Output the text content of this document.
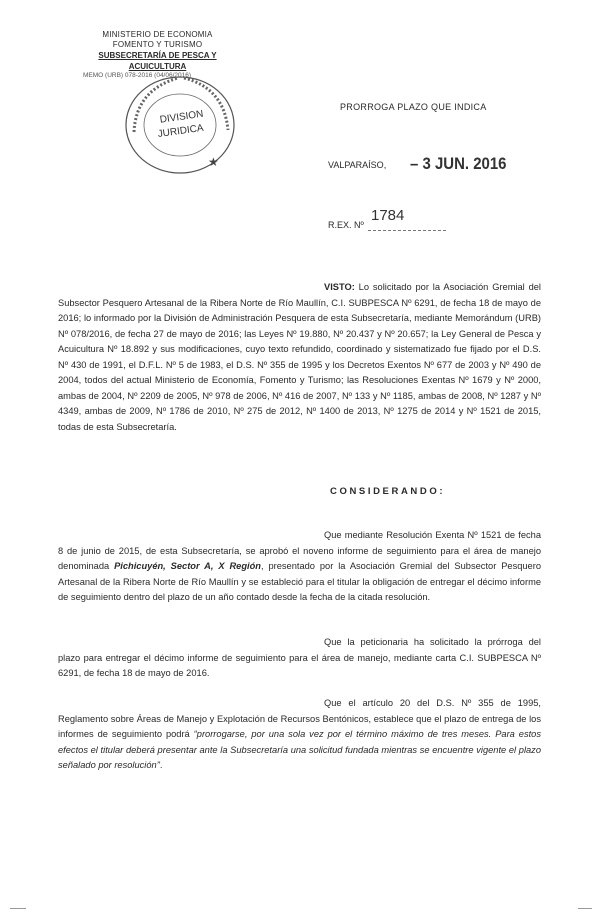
MINISTERIO DE ECONOMIA
FOMENTO Y TURISMO
SUBSECRETARÍA DE PESCA Y ACUICULTURA
MEMO (URB) 078-2016 (04/06/2016)
★
DIVISION
JURIDICA
PRORROGA PLAZO QUE INDICA
VALPARAÍSO, – 3 JUN. 2016
R.EX. Nº
1784
VISTO: Lo solicitado por la Asociación Gremial del Subsector Pesquero Artesanal de la Ribera Norte de Río Maullín, C.I. SUBPESCA Nº 6291, de fecha 18 de mayo de 2016; lo informado por la División de Administración Pesquera de esta Subsecretaría, mediante Memorándum (URB) Nº 078/2016, de fecha 27 de mayo de 2016; las Leyes Nº 19.880, Nº 20.437 y Nº 20.657; la Ley General de Pesca y Acuicultura Nº 18.892 y sus modificaciones, cuyo texto refundido, coordinado y sistematizado fue fijado por el D.S. Nº 430 de 1991, el D.F.L. Nº 5 de 1983, el D.S. Nº 355 de 1995 y los Decretos Exentos Nº 677 de 2003 y Nº 490 de 2004, todos del actual Ministerio de Economía, Fomento y Turismo; las Resoluciones Exentas Nº 1679 y Nº 2000, ambas de 2004, Nº 2209 de 2005, Nº 978 de 2006, Nº 416 de 2007, Nº 133 y Nº 1185, ambas de 2008, Nº 1287 y Nº 4349, ambas de 2009, Nº 1786 de 2010, Nº 275 de 2012, Nº 1400 de 2013, Nº 1275 de 2014 y Nº 1521 de 2015, todas de esta Subsecretaría.
CONSIDERANDO:
Que mediante Resolución Exenta Nº 1521 de fecha 8 de junio de 2015, de esta Subsecretaría, se aprobó el noveno informe de seguimiento para el área de manejo denominada Pichicuyén, Sector A, X Región, presentado por la Asociación Gremial del Subsector Pesquero Artesanal de la Ribera Norte de Río Maullín y se estableció para el titular la obligación de entregar el décimo informe de seguimiento dentro del plazo de un año contado desde la fecha de la citada resolución.
Que la peticionaria ha solicitado la prórroga del plazo para entregar el décimo informe de seguimiento para el área de manejo, mediante carta C.I. SUBPESCA Nº 6291, de fecha 18 de mayo de 2016.
Que el artículo 20 del D.S. Nº 355 de 1995, Reglamento sobre Áreas de Manejo y Explotación de Recursos Bentónicos, establece que el plazo de entrega de los informes de seguimiento podrá “prorrogarse, por una sola vez por el término máximo de tres meses. Para estos efectos el titular deberá presentar ante la Subsecretaría una solicitud fundada mientras se encuentre vigente el plazo señalado por resolución”.
